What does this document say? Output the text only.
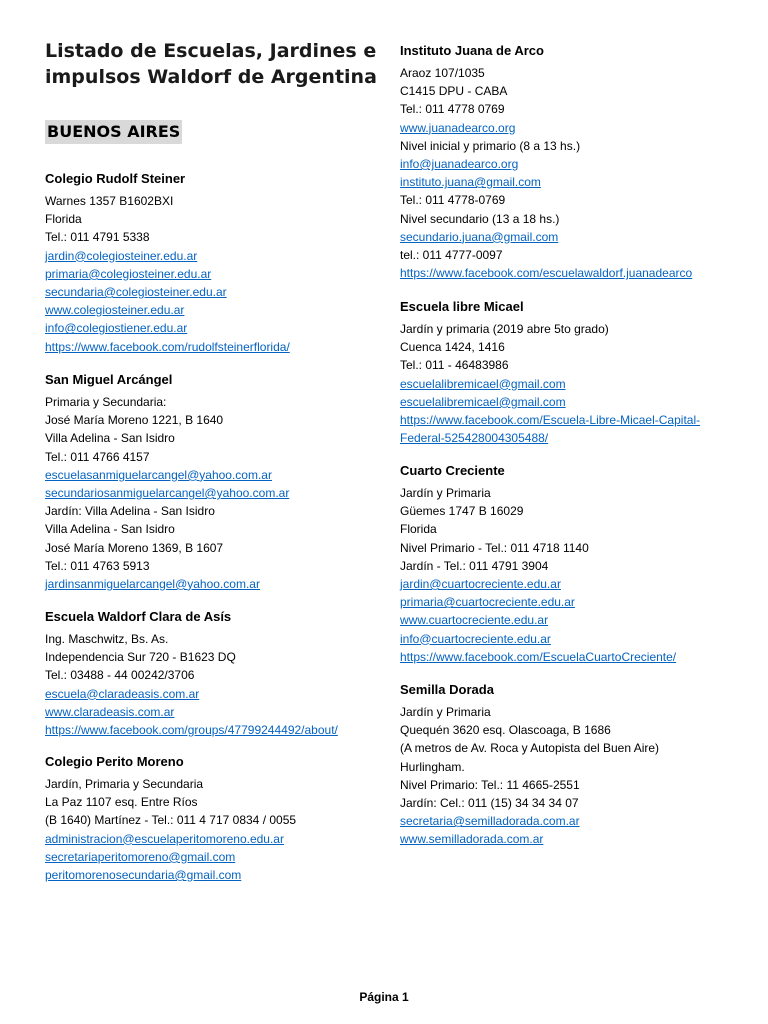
Listado de Escuelas, Jardines e impulsos Waldorf de Argentina
BUENOS AIRES
Colegio Rudolf Steiner
Warnes 1357 B1602BXI
Florida
Tel.: 011 4791 5338
jardin@colegiosteiner.edu.ar
primaria@colegiosteiner.edu.ar
secundaria@colegiosteiner.edu.ar
www.colegiosteiner.edu.ar
info@colegiostiener.edu.ar
https://www.facebook.com/rudolfsteinerflorida/
San Miguel Arcángel
Primaria y Secundaria:
José María Moreno 1221, B 1640
Villa Adelina - San Isidro
Tel.: 011 4766 4157
escuelasanmiguelarcangel@yahoo.com.ar
secundariosanmiguelarcangel@yahoo.com.ar
Jardín: Villa Adelina - San Isidro
Villa Adelina - San Isidro
José María Moreno 1369, B 1607
Tel.: 011 4763 5913
jardinsanmiguelarcangel@yahoo.com.ar
Escuela Waldorf Clara de Asís
Ing. Maschwitz, Bs. As.
Independencia Sur 720 - B1623 DQ
Tel.: 03488 - 44 00242/3706
escuela@claradeasis.com.ar
www.claradeasis.com.ar
https://www.facebook.com/groups/47799244492/about/
Colegio Perito Moreno
Jardín, Primaria y Secundaria
La Paz 1107 esq. Entre Ríos
(B 1640) Martínez - Tel.: 011 4 717 0834 / 0055
administracion@escuelaperitomoreno.edu.ar
secretariaperitomoreno@gmail.com
peritomorenosecundaria@gmail.com
Instituto Juana de Arco
Araoz 107/1035
C1415 DPU - CABA
Tel.: 011 4778 0769
www.juanadearco.org
Nivel inicial y primario (8 a 13 hs.)
info@juanadearco.org
instituto.juana@gmail.com
Tel.: 011 4778-0769
Nivel secundario (13 a 18 hs.)
secundario.juana@gmail.com
tel.: 011 4777-0097
https://www.facebook.com/escuelawaldorf.juanadearco
Escuela libre Micael
Jardín y primaria (2019 abre 5to grado)
Cuenca 1424, 1416
Tel.: 011 - 46483986
escuelalibremicael@gmail.com
escuelalibremicael@gmail.com
https://www.facebook.com/Escuela-Libre-Micael-Capital-
Federal-525428004305488/
Cuarto Creciente
Jardín y Primaria
Güemes 1747 B 16029
Florida
Nivel Primario - Tel.: 011 4718 1140
Jardín - Tel.: 011 4791 3904
jardin@cuartocreciente.edu.ar
primaria@cuartocreciente.edu.ar
www.cuartocreciente.edu.ar
info@cuartocreciente.edu.ar
https://www.facebook.com/EscuelaCuartoCreciente/
Semilla Dorada
Jardín y Primaria
Quequén 3620 esq. Olascoaga, B 1686
(A metros de Av. Roca y Autopista del Buen Aire)
Hurlingham.
Nivel Primario: Tel.: 11 4665-2551
Jardín: Cel.: 011 (15) 34 34 34 07
secretaria@semilladorada.com.ar
www.semilladorada.com.ar
Página 1
